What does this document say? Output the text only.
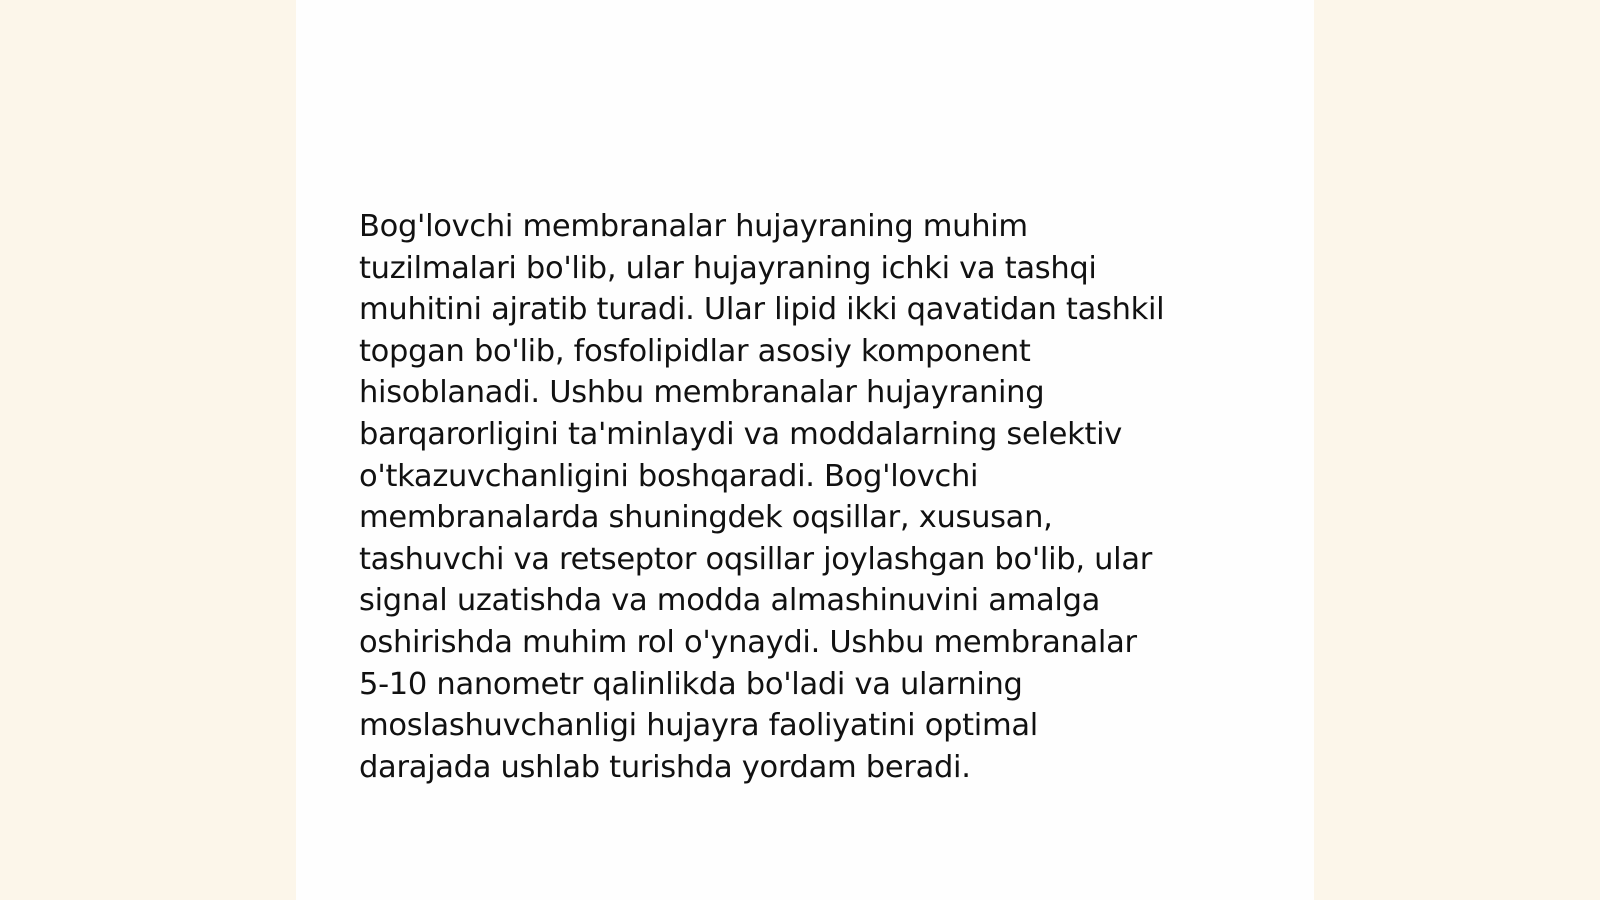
Bog'lovchi membranalar hujayraning muhim
tuzilmalari bo'lib, ular hujayraning ichki va tashqi
muhitini ajratib turadi. Ular lipid ikki qavatidan tashkil
topgan bo'lib, fosfolipidlar asosiy komponent
hisoblanadi. Ushbu membranalar hujayraning
barqarorligini ta'minlaydi va moddalarning selektiv
o'tkazuvchanligini boshqaradi. Bog'lovchi
membranalarda shuningdek oqsillar, xususan,
tashuvchi va retseptor oqsillar joylashgan bo'lib, ular
signal uzatishda va modda almashinuvini amalga
oshirishda muhim rol o'ynaydi. Ushbu membranalar
5-10 nanometr qalinlikda bo'ladi va ularning
moslashuvchanligi hujayra faoliyatini optimal
darajada ushlab turishda yordam beradi.
